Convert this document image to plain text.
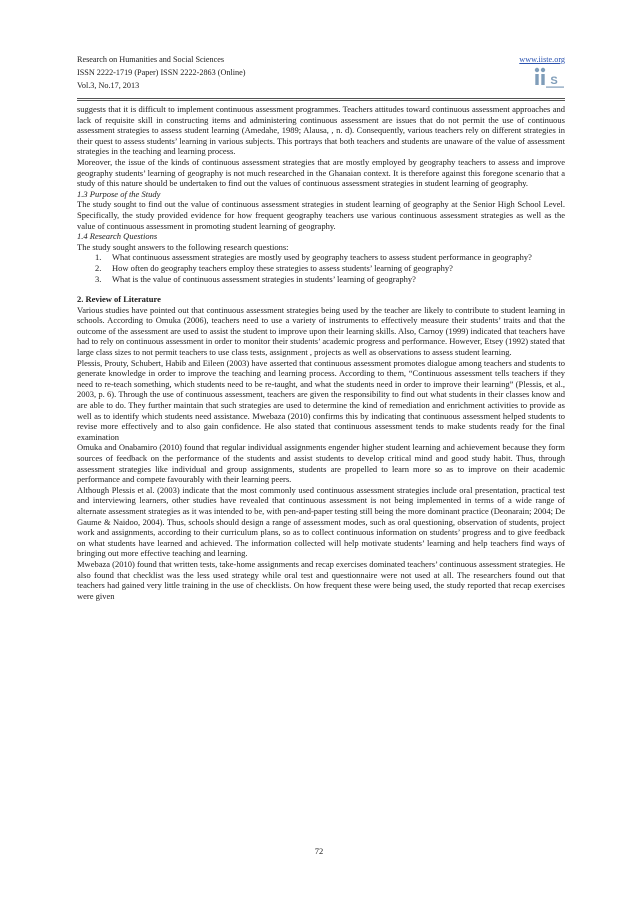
Research on Humanities and Social Sciences
ISSN 2222-1719 (Paper) ISSN 2222-2863 (Online)
Vol.3, No.17, 2013
www.iiste.org
S

suggests that it is difficult to implement continuous assessment programmes. Teachers attitudes toward continuous assessment approaches and lack of requisite skill in constructing items and administering continuous assessment are issues that do not permit the use of continuous assessment strategies to assess student learning (Amedahe, 1989; Alausa, , n. d). Consequently, various teachers rely on different strategies in their quest to assess students’ learning in various subjects. This portrays that both teachers and students are unaware of the value of assessment strategies in the teaching and learning process.

Moreover, the issue of the kinds of continuous assessment strategies that are mostly employed by geography teachers to assess and improve geography students’ learning of geography is not much researched in the Ghanaian context. It is therefore against this foregone scenario that a study of this nature should be undertaken to find out the values of continuous assessment strategies in student learning of geography.

1.3 Purpose of the Study

The study sought to find out the value of continuous assessment strategies in student learning of geography at the Senior High School Level. Specifically, the study provided evidence for how frequent geography teachers use various continuous assessment strategies as well as the value of continuous assessment in promoting student learning of geography.

1.4 Research Questions

The study sought answers to the following research questions:

1. What continuous assessment strategies are mostly used by geography teachers to assess student performance in geography?
2. How often do geography teachers employ these strategies to assess students’ learning of geography?
3. What is the value of continuous assessment strategies in students’ learning of geography?

2. Review of Literature

Various studies have pointed out that continuous assessment strategies being used by the teacher are likely to contribute to student learning in schools. According to Omuka (2006), teachers need to use a variety of instruments to effectively measure their students’ traits and that the outcome of the assessment are used to assist the student to improve upon their learning skills. Also, Carnoy (1999) indicated that teachers have had to rely on continuous assessment in order to monitor their students’ academic progress and performance. However, Etsey (1992) stated that large class sizes to not permit teachers to use class tests, assignment , projects as well as observations to assess student learning.

Plessis, Prouty, Schubert, Habib and Eileen (2003) have asserted that continuous assessment promotes dialogue among teachers and students to generate knowledge in order to improve the teaching and learning process. According to them, “Continuous assessment tells teachers if they need to re-teach something, which students need to be re-taught, and what the students need in order to improve their learning” (Plessis, et al., 2003, p. 6). Through the use of continuous assessment, teachers are given the responsibility to find out what students in their classes know and are able to do. They further maintain that such strategies are used to determine the kind of remediation and enrichment activities to provide as well as to identify which students need assistance. Mwebaza (2010) confirms this by indicating that continuous assessment helped students to revise more effectively and to also gain confidence. He also stated that continuous assessment tends to make students ready for the final examination

Omuka and Onabamiro (2010) found that regular individual assignments engender higher student learning and achievement because they form sources of feedback on the performance of the students and assist students to develop critical mind and good study habit. Thus, through assessment strategies like individual and group assignments, students are propelled to learn more so as to improve on their academic performance and compete favourably with their learning peers.

Although Plessis et al. (2003) indicate that the most commonly used continuous assessment strategies include oral presentation, practical test and interviewing learners, other studies have revealed that continuous assessment is not being implemented in terms of a wide range of alternate assessment strategies as it was intended to be, with pen-and-paper testing still being the more dominant practice (Deonarain; 2004; De Gaume & Naidoo, 2004). Thus, schools should design a range of assessment modes, such as oral questioning, observation of students, project work and assignments, according to their curriculum plans, so as to collect continuous information on students’ progress and to give feedback on what students have learned and achieved. The information collected will help motivate students’ learning and help teachers find ways of bringing out more effective teaching and learning.

Mwebaza (2010) found that written tests, take-home assignments and recap exercises dominated teachers’ continuous assessment strategies. He also found that checklist was the less used strategy while oral test and questionnaire were not used at all. The researchers found out that teachers had gained very little training in the use of checklists. On how frequent these were being used, the study reported that recap exercises were given

72
